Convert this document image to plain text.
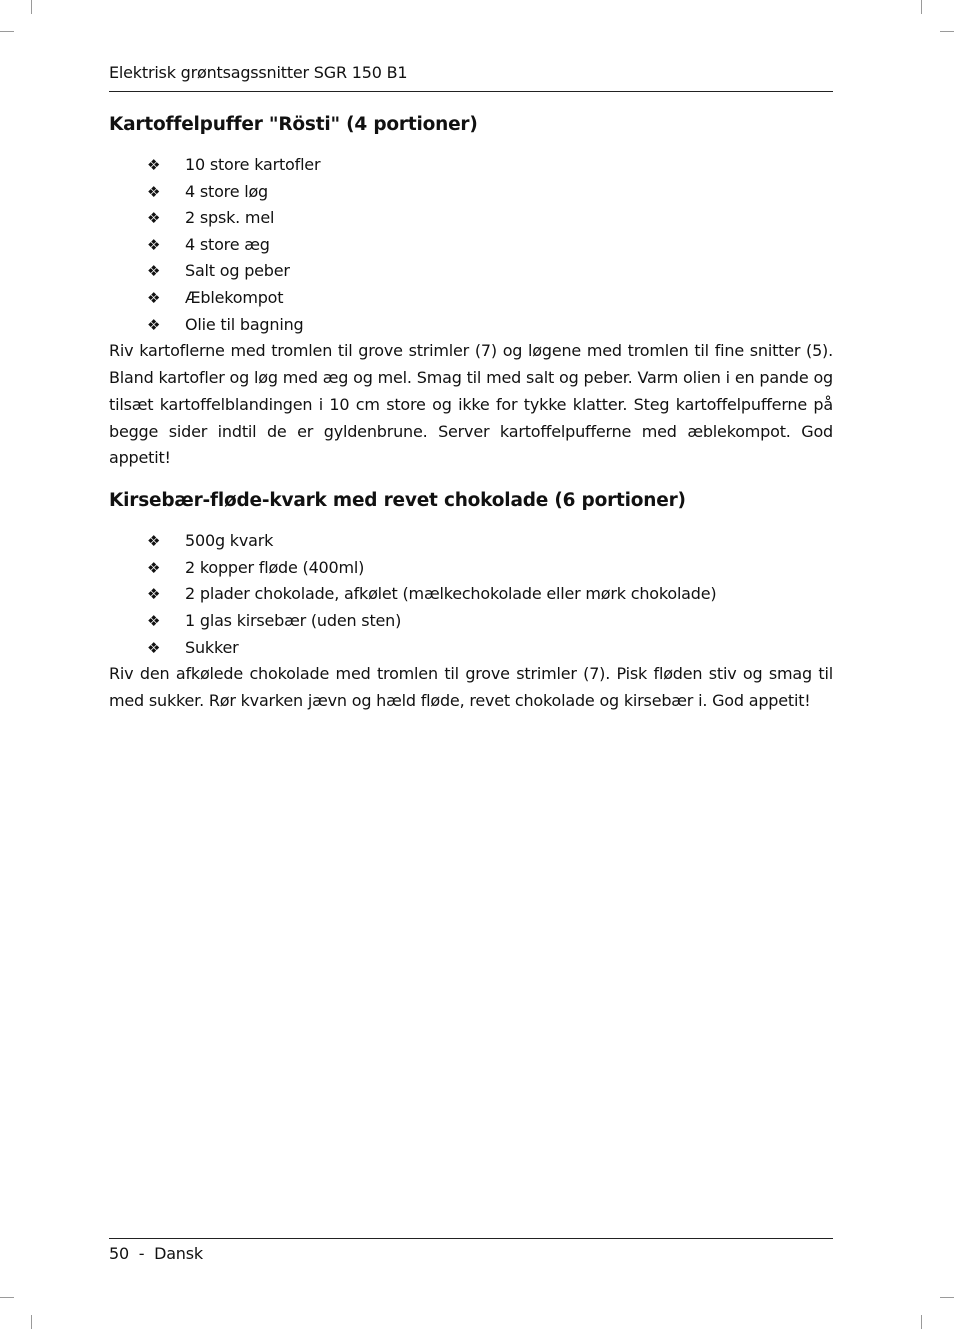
Elektrisk grøntsagssnitter SGR 150 B1
Kartoffelpuffer "Rösti" (4 portioner)
❖ 10 store kartofler
❖ 4 store løg
❖ 2 spsk. mel
❖ 4 store æg
❖ Salt og peber
❖ Æblekompot
❖ Olie til bagning

Riv kartoflerne med tromlen til grove strimler (7) og løgene med tromlen til fine snitter (5). Bland kartofler og løg med æg og mel. Smag til med salt og peber. Varm olien i en pande og tilsæt kartoffelblandingen i 10 cm store og ikke for tykke klatter. Steg kartoffelpufferne på begge sider indtil de er gyldenbrune. Server kartoffelpufferne med æblekompot. God appetit!

Kirsebær-fløde-kvark med revet chokolade (6 portioner)
❖ 500g kvark
❖ 2 kopper fløde (400ml)
❖ 2 plader chokolade, afkølet (mælkechokolade eller mørk chokolade)
❖ 1 glas kirsebær (uden sten)
❖ Sukker

Riv den afkølede chokolade med tromlen til grove strimler (7). Pisk fløden stiv og smag til med sukker. Rør kvarken jævn og hæld fløde, revet chokolade og kirsebær i. God appetit!

50  -  Dansk
